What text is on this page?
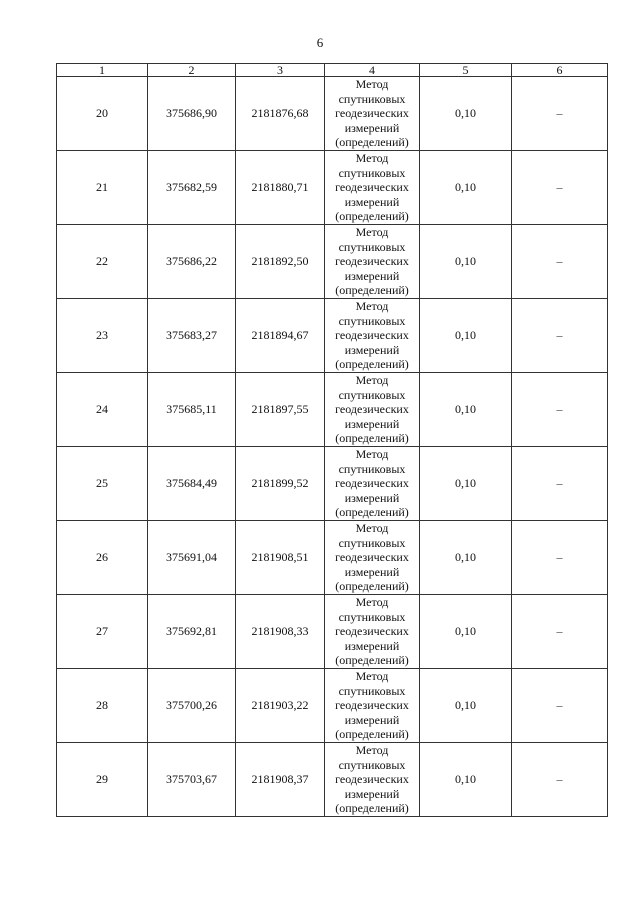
6
1	2	3	4	5	6
20	375686,90	2181876,68	Метод
спутниковых
геодезических
измерений
(определений)	0,10	–
21	375682,59	2181880,71	Метод
спутниковых
геодезических
измерений
(определений)	0,10	–
22	375686,22	2181892,50	Метод
спутниковых
геодезических
измерений
(определений)	0,10	–
23	375683,27	2181894,67	Метод
спутниковых
геодезических
измерений
(определений)	0,10	–
24	375685,11	2181897,55	Метод
спутниковых
геодезических
измерений
(определений)	0,10	–
25	375684,49	2181899,52	Метод
спутниковых
геодезических
измерений
(определений)	0,10	–
26	375691,04	2181908,51	Метод
спутниковых
геодезических
измерений
(определений)	0,10	–
27	375692,81	2181908,33	Метод
спутниковых
геодезических
измерений
(определений)	0,10	–
28	375700,26	2181903,22	Метод
спутниковых
геодезических
измерений
(определений)	0,10	–
29	375703,67	2181908,37	Метод
спутниковых
геодезических
измерений
(определений)	0,10	–
